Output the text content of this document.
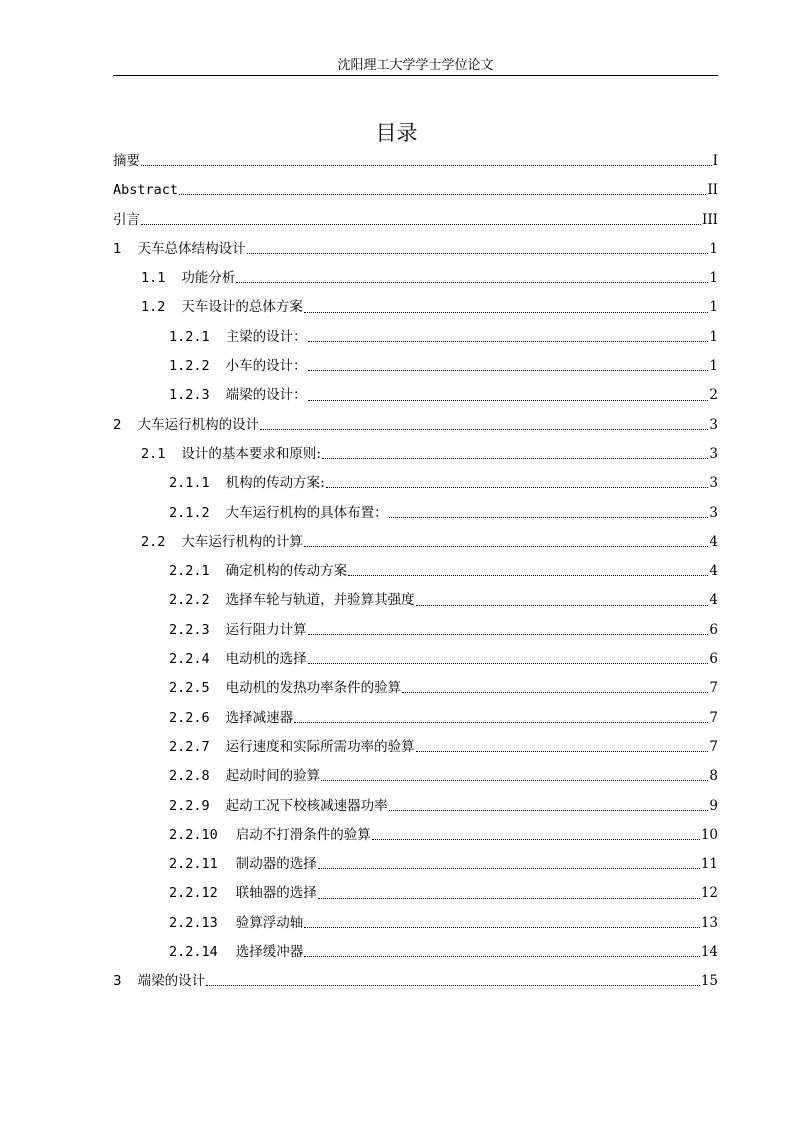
沈阳理工大学学士学位论文
目录
摘要	I
Abstract	II
引言	III
1 天车总体结构设计	1
1.1 功能分析	1
1.2 天车设计的总体方案	1
1.2.1 主梁的设计：	1
1.2.2 小车的设计：	1
1.2.3 端梁的设计：	2
2 大车运行机构的设计	3
2.1 设计的基本要求和原则:	3
2.1.1 机构的传动方案:	3
2.1.2 大车运行机构的具体布置：	3
2.2 大车运行机构的计算	4
2.2.1 确定机构的传动方案	4
2.2.2 选择车轮与轨道，并验算其强度	4
2.2.3 运行阻力计算	6
2.2.4 电动机的选择	6
2.2.5 电动机的发热功率条件的验算	7
2.2.6 选择减速器	7
2.2.7 运行速度和实际所需功率的验算	7
2.2.8 起动时间的验算	8
2.2.9 起动工况下校核减速器功率	9
2.2.10 启动不打滑条件的验算	10
2.2.11 制动器的选择	11
2.2.12 联轴器的选择	12
2.2.13 验算浮动轴	13
2.2.14 选择缓冲器	14
3 端梁的设计	15
